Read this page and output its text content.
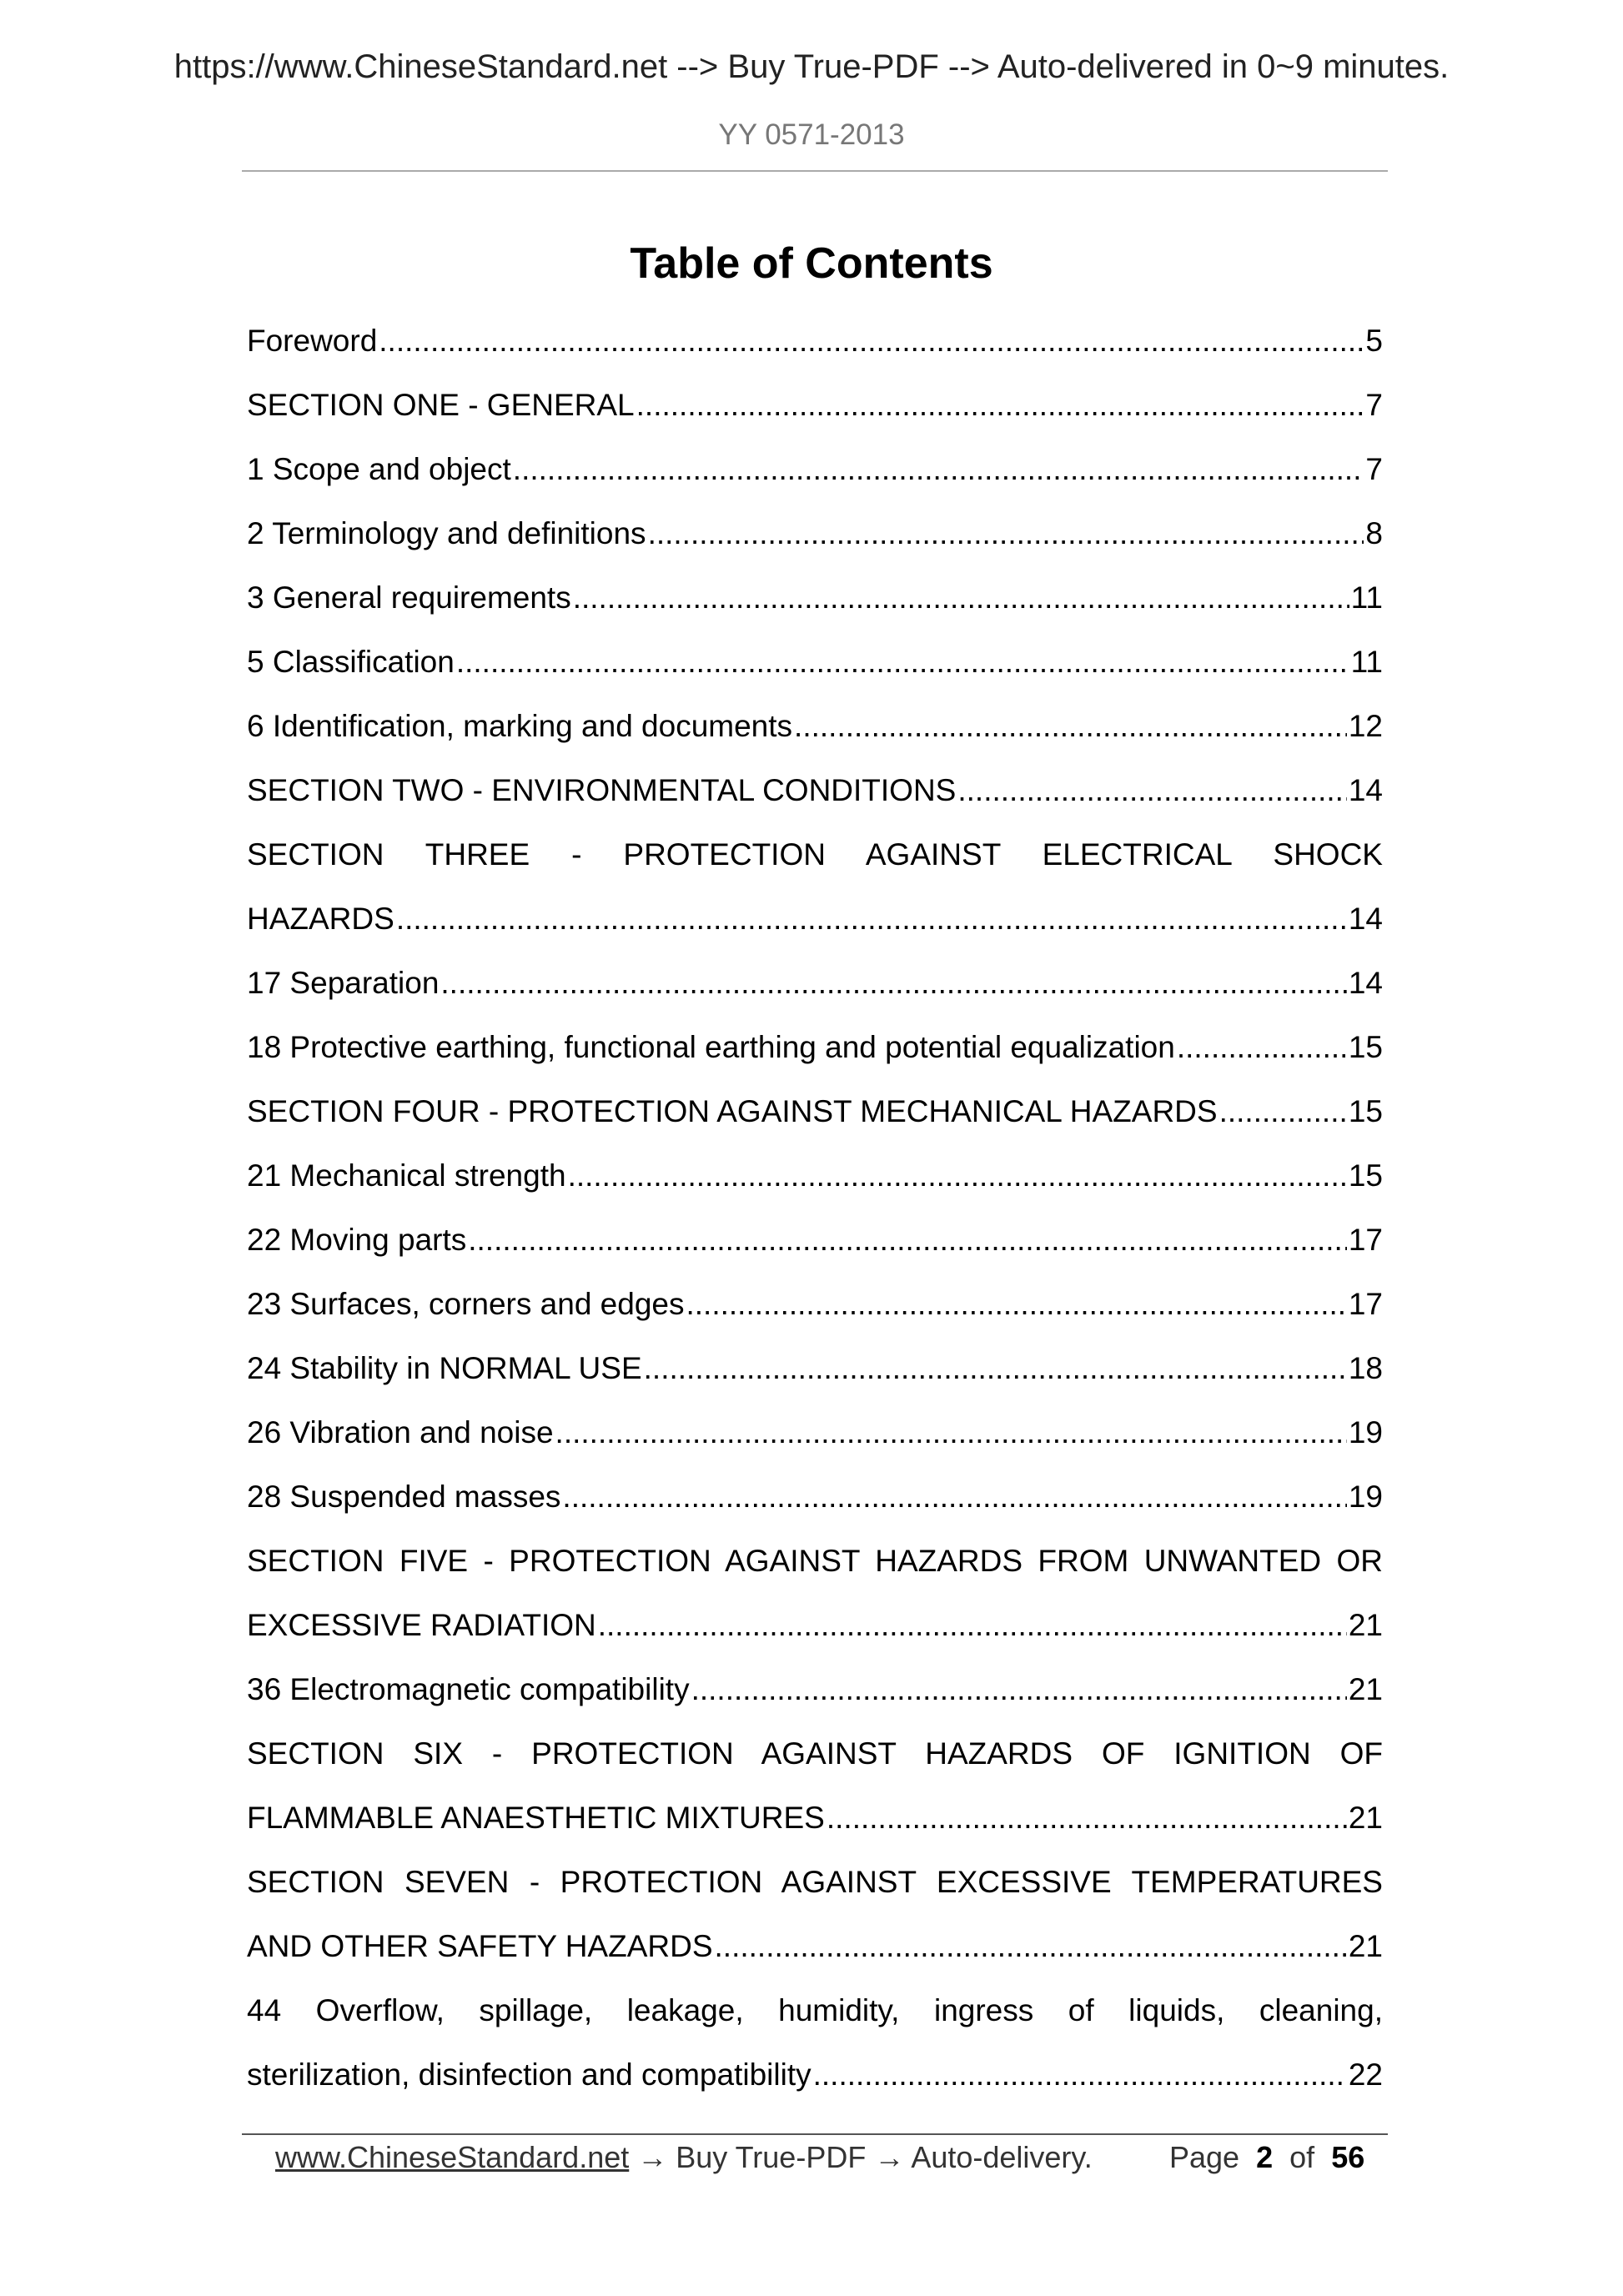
https://www.ChineseStandard.net --> Buy True-PDF --> Auto-delivered in 0~9 minutes.
YY 0571-2013
Table of Contents
Foreword .....	5
SECTION ONE - GENERAL .....	7
1 Scope and object .....	7
2 Terminology and definitions .....	8
3 General requirements .....	11
5 Classification .....	11
6 Identification, marking and documents .....	12
SECTION TWO - ENVIRONMENTAL CONDITIONS .....	14
SECTION THREE - PROTECTION AGAINST ELECTRICAL SHOCK
HAZARDS .....	14
17 Separation .....	14
18 Protective earthing, functional earthing and potential equalization .....	15
SECTION FOUR - PROTECTION AGAINST MECHANICAL HAZARDS .....	15
21 Mechanical strength .....	15
22 Moving parts .....	17
23 Surfaces, corners and edges .....	17
24 Stability in NORMAL USE .....	18
26 Vibration and noise .....	19
28 Suspended masses .....	19
SECTION FIVE - PROTECTION AGAINST HAZARDS FROM UNWANTED OR
EXCESSIVE RADIATION .....	21
36 Electromagnetic compatibility .....	21
SECTION SIX - PROTECTION AGAINST HAZARDS OF IGNITION OF
FLAMMABLE ANAESTHETIC MIXTURES .....	21
SECTION SEVEN - PROTECTION AGAINST EXCESSIVE TEMPERATURES
AND OTHER SAFETY HAZARDS .....	21
44 Overflow, spillage, leakage, humidity, ingress of liquids, cleaning,
sterilization, disinfection and compatibility .....	22
www.ChineseStandard.net → Buy True-PDF → Auto-delivery.	Page 2 of 56
